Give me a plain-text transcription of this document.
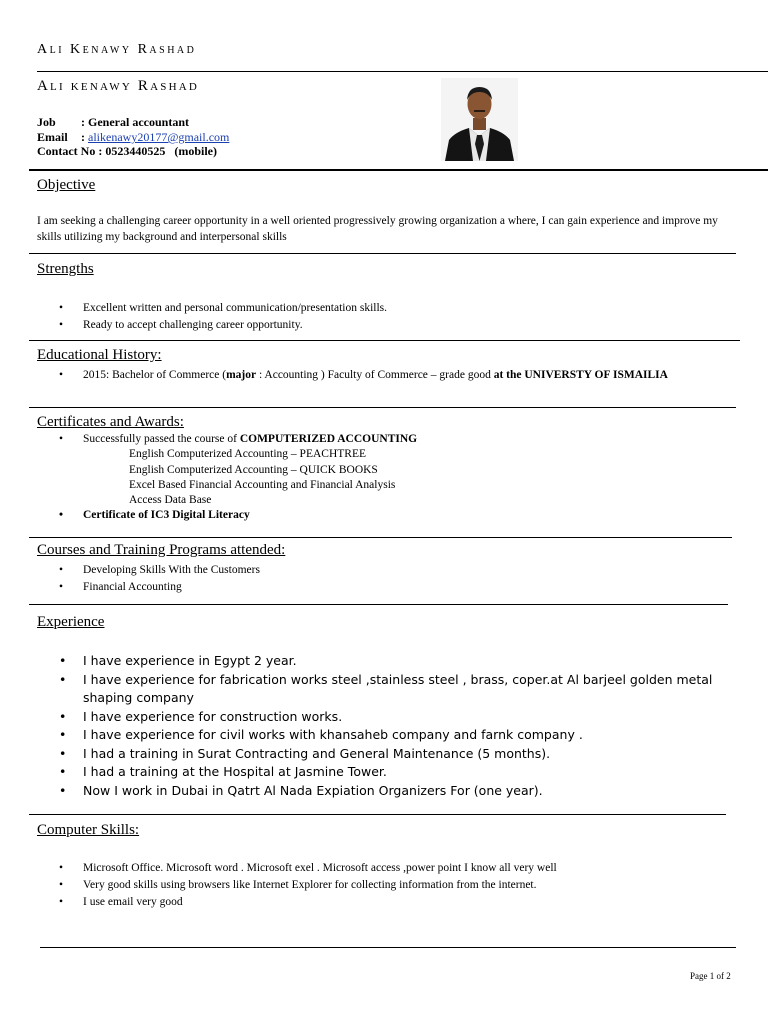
Ali Kenawy Rashad
Ali kenawy Rashad
Job : General accountant
Email : alikenawy20177@gmail.com
Contact No : 0523440525 (mobile)
Objective
I am seeking a challenging career opportunity in a well oriented progressively growing organization a where, I can gain experience and improve my skills utilizing my background and interpersonal skills
Strengths
• Excellent written and personal communication/presentation skills.
• Ready to accept challenging career opportunity.
Educational History:
• 2015: Bachelor of Commerce (major : Accounting ) Faculty of Commerce – grade good at the UNIVERSTY OF ISMAILIA
Certificates and Awards:
• Successfully passed the course of COMPUTERIZED ACCOUNTING
English Computerized Accounting – PEACHTREE
English Computerized Accounting – QUICK BOOKS
Excel Based Financial Accounting and Financial Analysis
Access Data Base
• Certificate of IC3 Digital Literacy
Courses and Training Programs attended:
• Developing Skills With the Customers
• Financial Accounting
Experience
• I have experience in Egypt 2 year.
• I have experience for fabrication works steel ,stainless steel , brass, coper.at Al barjeel golden metal shaping company
• I have experience for construction works.
• I have experience for civil works with khansaheb company and farnk company .
• I had a training in Surat Contracting and General Maintenance (5 months).
• I had a training at the Hospital at Jasmine Tower.
• Now I work in Dubai in Qatrt Al Nada Expiation Organizers For (one year).
Computer Skills:
• Microsoft Office. Microsoft word . Microsoft exel . Microsoft access ,power point I know all very well
• Very good skills using browsers like Internet Explorer for collecting information from the internet.
• I use email very good
Page 1 of 2
